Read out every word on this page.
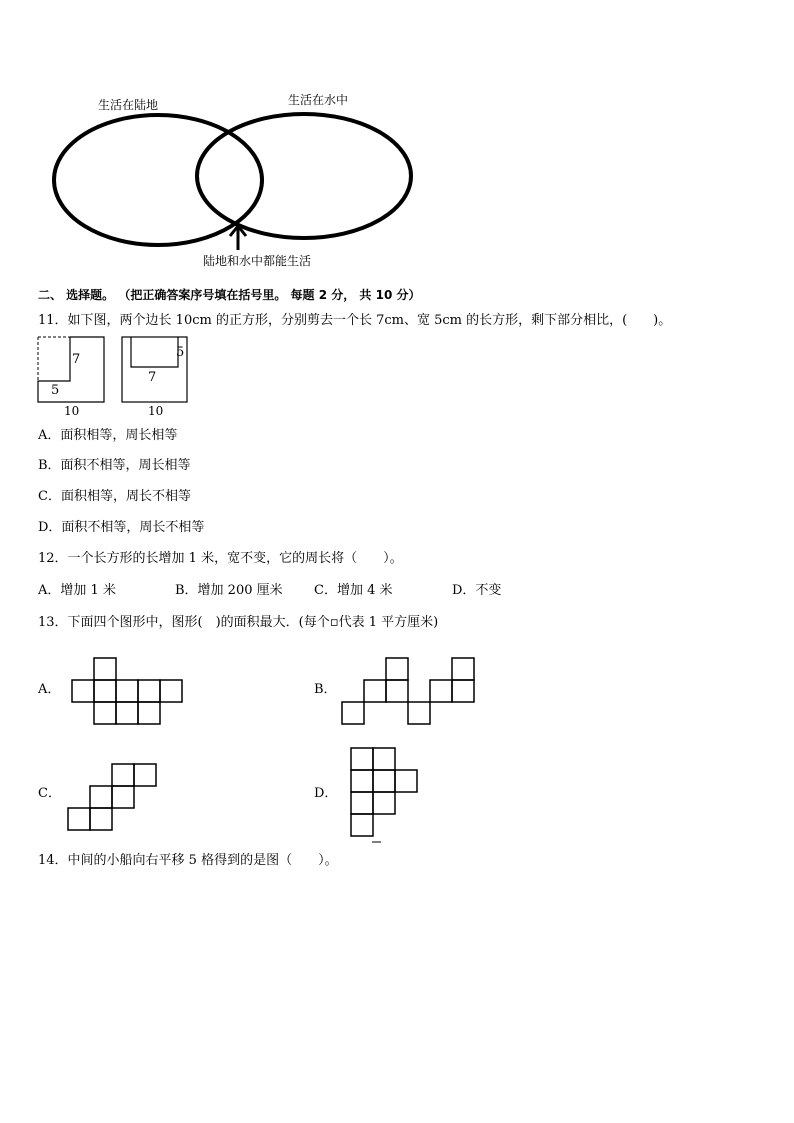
生活在陆地	生活在水中
陆地和水中都能生活
二、 选择题。 （把正确答案序号填在括号里。 每题 2 分， 共 10 分）
11．如下图，两个边长 10cm 的正方形，分别剪去一个长 7cm、宽 5cm 的长方形，剩下部分相比，(　　)。
7
5
10
5
7
10
A．面积相等，周长相等
B．面积不相等，周长相等
C．面积相等，周长不相等
D．面积不相等，周长不相等
12．一个长方形的长增加 1 米，宽不变，它的周长将（　　）。
A．增加 1 米	B．增加 200 厘米 C．增加 4 米	D．不变
13．下面四个图形中，图形(　)的面积最大．(每个▫代表 1 平方厘米)
A．	B．
C．	D．
14．中间的小船向右平移 5 格得到的是图（　　）。
